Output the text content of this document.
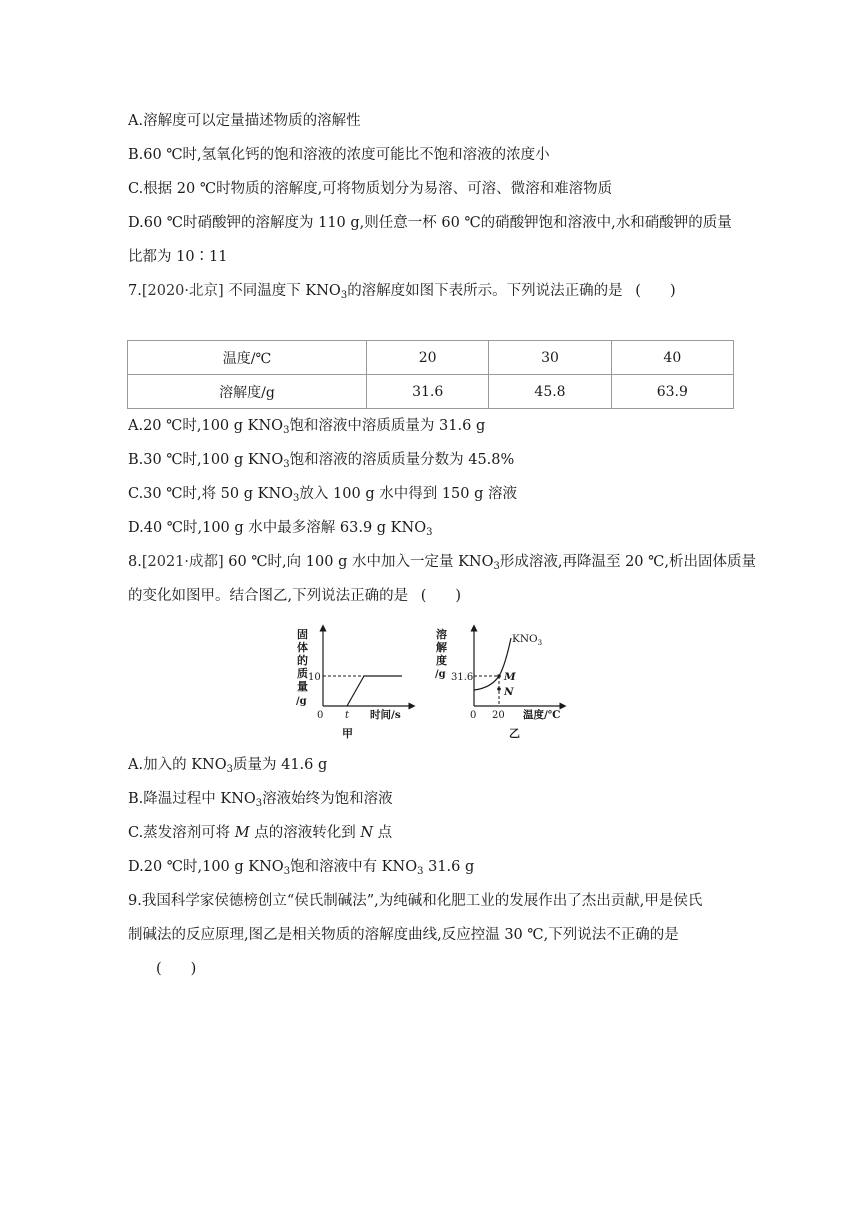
A.溶解度可以定量描述物质的溶解性
B.60 ℃时,氢氧化钙的饱和溶液的浓度可能比不饱和溶液的浓度小
C.根据 20 ℃时物质的溶解度,可将物质划分为易溶、可溶、微溶和难溶物质
D.60 ℃时硝酸钾的溶解度为 110 g,则任意一杯 60 ℃的硝酸钾饱和溶液中,水和硝酸钾的质量
比都为 10∶11
7.[2020·北京] 不同温度下 $KNO_3$的溶解度如图下表所示。下列说法正确的是 (　　)
温度/℃	20	30	40
溶解度/g	31.6	45.8	63.9
A.20 ℃时,100 g $KNO_3$饱和溶液中溶质质量为 31.6 g
B.30 ℃时,100 g $KNO_3$饱和溶液的溶质质量分数为 45.8%
C.30 ℃时,将 50 g $KNO_3$放入 100 g 水中得到 150 g 溶液
D.40 ℃时,100 g 水中最多溶解 63.9 g $KNO_3$
8.[2021·成都] 60 ℃时,向 100 g 水中加入一定量 $KNO_3$形成溶液,再降温至 20 ℃,析出固体质量
的变化如图甲。结合图乙,下列说法正确的是 (　　)
固
体
的
质
量
/g
10
0 t 时间/s
甲
溶
解
度
/g 31.6	M
N
$KNO_3$
0 20 温度/℃
乙
A.加入的 $KNO_3$质量为 41.6 g
B.降温过程中 $KNO_3$溶液始终为饱和溶液
C.蒸发溶剂可将 M 点的溶液转化到 N 点
D.20 ℃时,100 g $KNO_3$饱和溶液中有 $KNO_3$ 31.6 g
9.我国科学家侯德榜创立“侯氏制碱法”,为纯碱和化肥工业的发展作出了杰出贡献,甲是侯氏
制碱法的反应原理,图乙是相关物质的溶解度曲线,反应控温 30 ℃,下列说法不正确的是
(　　)
